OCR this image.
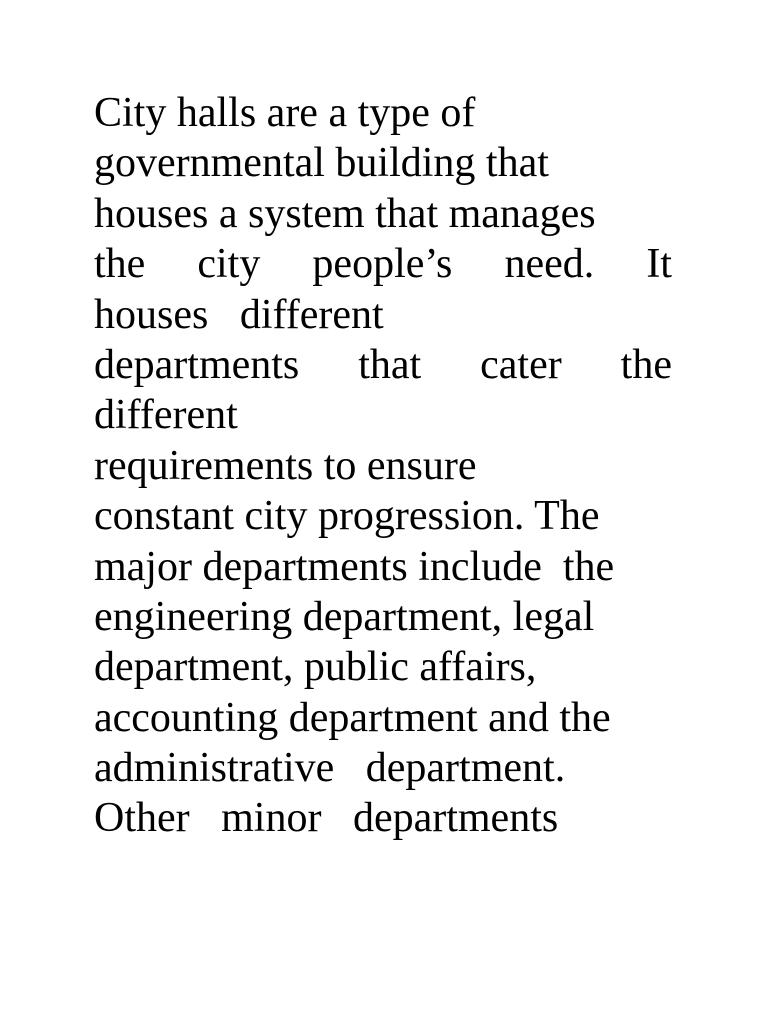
City halls are a type of
governmental building that
houses a system that manages
the city people’s need. It
houses   different
departments that cater the
different
requirements to ensure
constant city progression. The
major departments include  the
engineering department, legal
department, public affairs,
accounting department and the
administrative   department.
Other   minor   departments
